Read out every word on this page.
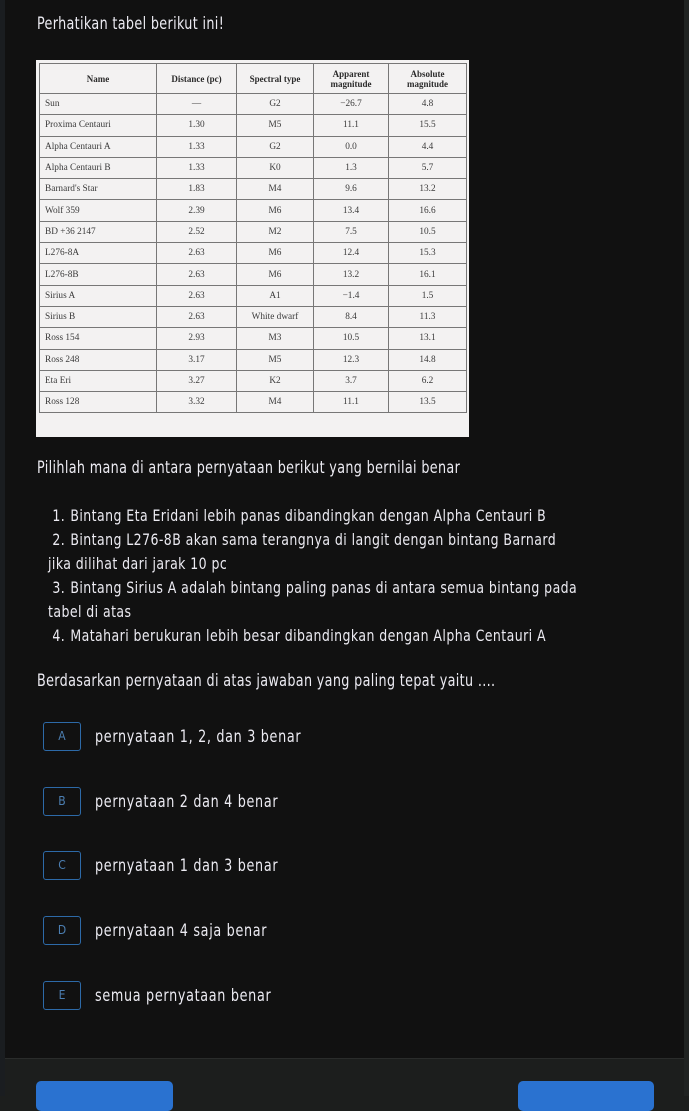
Perhatikan tabel berikut ini!
Name	Distance (pc)	Spectral type	Apparent magnitude	Absolute magnitude
Sun	—	G2	−26.7	4.8
Proxima Centauri	1.30	M5	11.1	15.5
Alpha Centauri A	1.33	G2	0.0	4.4
Alpha Centauri B	1.33	K0	1.3	5.7
Barnard's Star	1.83	M4	9.6	13.2
Wolf 359	2.39	M6	13.4	16.6
BD +36 2147	2.52	M2	7.5	10.5
L276-8A	2.63	M6	12.4	15.3
L276-8B	2.63	M6	13.2	16.1
Sirius A	2.63	A1	−1.4	1.5
Sirius B	2.63	White dwarf	8.4	11.3
Ross 154	2.93	M3	10.5	13.1
Ross 248	3.17	M5	12.3	14.8
Eta Eri	3.27	K2	3.7	6.2
Ross 128	3.32	M4	11.1	13.5
Pilihlah mana di antara pernyataan berikut yang bernilai benar
1. Bintang Eta Eridani lebih panas dibandingkan dengan Alpha Centauri B
2. Bintang L276-8B akan sama terangnya di langit dengan bintang Barnard
jika dilihat dari jarak 10 pc
3. Bintang Sirius A adalah bintang paling panas di antara semua bintang pada
tabel di atas
4. Matahari berukuran lebih besar dibandingkan dengan Alpha Centauri A
Berdasarkan pernyataan di atas jawaban yang paling tepat yaitu ....
A	pernyataan 1, 2, dan 3 benar
B	pernyataan 2 dan 4 benar
C	pernyataan 1 dan 3 benar
D	pernyataan 4 saja benar
E	semua pernyataan benar
